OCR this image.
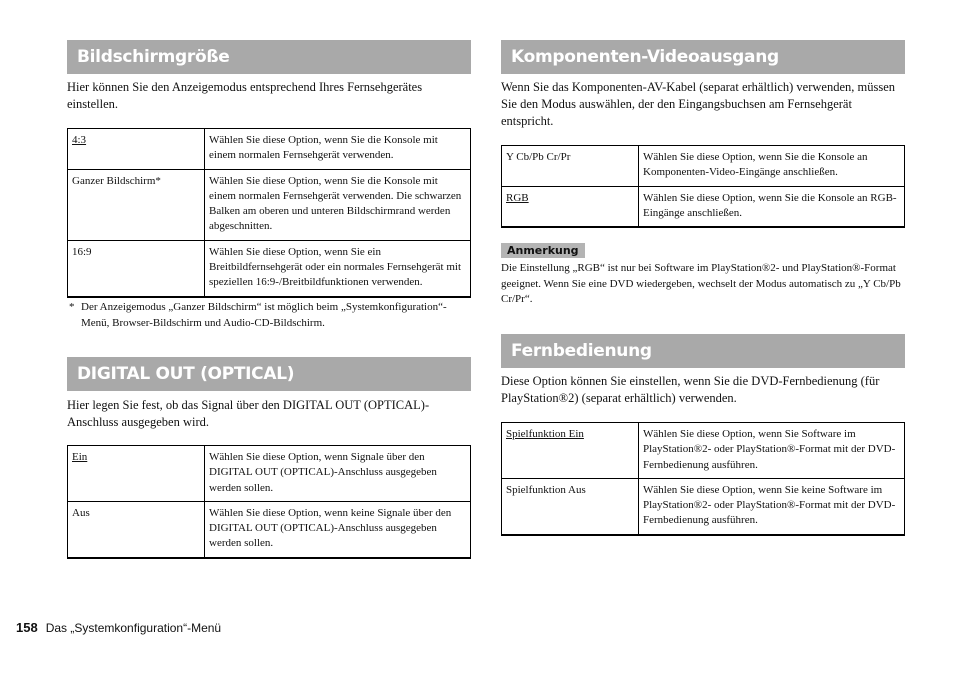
Bildschirmgröße
Hier können Sie den Anzeigemodus entsprechend Ihres Fernsehgerätes einstellen.
4:3	Wählen Sie diese Option, wenn Sie die Konsole mit einem normalen Fernsehgerät verwenden.
Ganzer Bildschirm*	Wählen Sie diese Option, wenn Sie die Konsole mit einem normalen Fernsehgerät verwenden. Die schwarzen Balken am oberen und unteren Bildschirmrand werden abgeschnitten.
16:9	Wählen Sie diese Option, wenn Sie ein Breitbildfernsehgerät oder ein normales Fernsehgerät mit speziellen 16:9-/Breitbildfunktionen verwenden.
* Der Anzeigemodus „Ganzer Bildschirm“ ist möglich beim „Systemkonfiguration“-Menü, Browser-Bildschirm und Audio-CD-Bildschirm.
DIGITAL OUT (OPTICAL)
Hier legen Sie fest, ob das Signal über den DIGITAL OUT (OPTICAL)-Anschluss ausgegeben wird.
Ein	Wählen Sie diese Option, wenn Signale über den DIGITAL OUT (OPTICAL)-Anschluss ausgegeben werden sollen.
Aus	Wählen Sie diese Option, wenn keine Signale über den DIGITAL OUT (OPTICAL)-Anschluss ausgegeben werden sollen.
Komponenten-Videoausgang
Wenn Sie das Komponenten-AV-Kabel (separat erhältlich) verwenden, müssen Sie den Modus auswählen, der den Eingangsbuchsen am Fernsehgerät entspricht.
Y Cb/Pb Cr/Pr	Wählen Sie diese Option, wenn Sie die Konsole an Komponenten-Video-Eingänge anschließen.
RGB	Wählen Sie diese Option, wenn Sie die Konsole an RGB-Eingänge anschließen.
Anmerkung
Die Einstellung „RGB“ ist nur bei Software im PlayStation®2- und PlayStation®-Format geeignet. Wenn Sie eine DVD wiedergeben, wechselt der Modus automatisch zu „Y Cb/Pb Cr/Pr“.
Fernbedienung
Diese Option können Sie einstellen, wenn Sie die DVD-Fernbedienung (für PlayStation®2) (separat erhältlich) verwenden.
Spielfunktion Ein	Wählen Sie diese Option, wenn Sie Software im PlayStation®2- oder PlayStation®-Format mit der DVD-Fernbedienung ausführen.
Spielfunktion Aus	Wählen Sie diese Option, wenn Sie keine Software im PlayStation®2- oder PlayStation®-Format mit der DVD-Fernbedienung ausführen.
158 Das „Systemkonfiguration“-Menü
